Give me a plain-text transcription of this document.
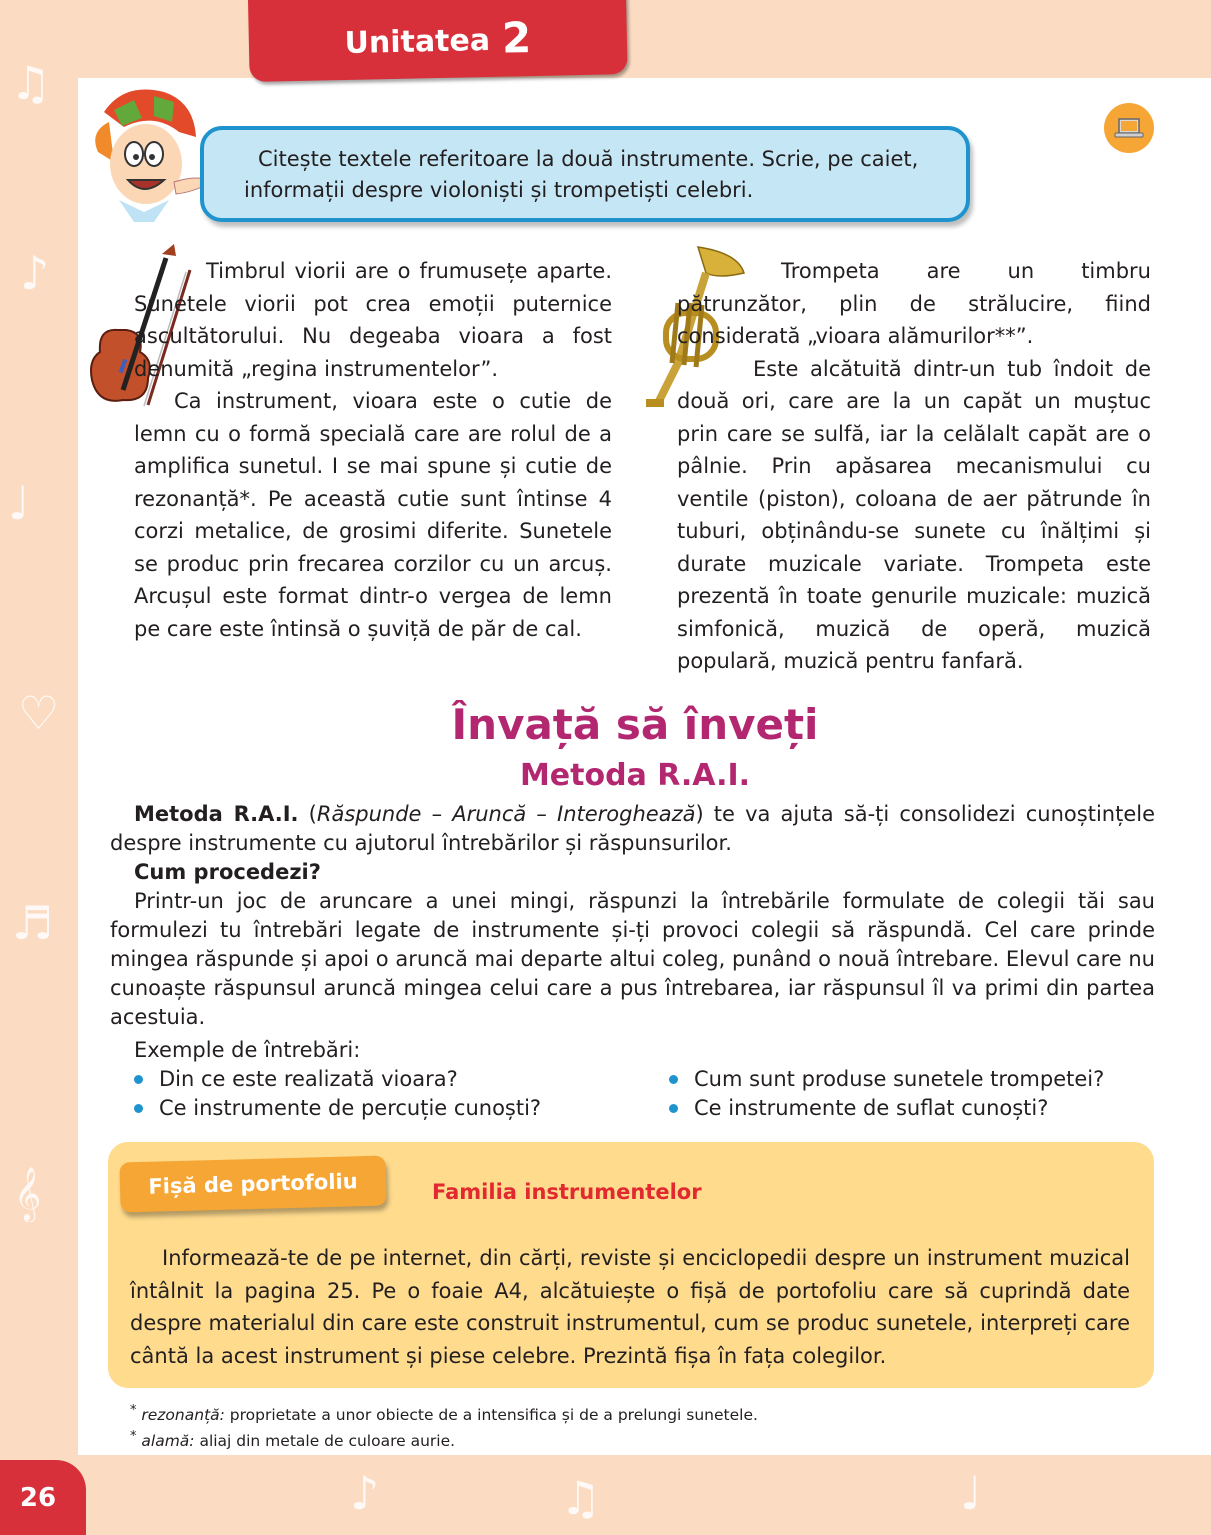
♫
♪
♩
♡
♬
𝄞
♪	♫	♩
Unitatea 2
Citește textele referitoare la două instrumente. Scrie, pe caiet,
informații despre violoniști și trompetiști celebri.

Timbrul viorii are o frumusețe aparte. Sunetele viorii pot crea emoții puternice ascultătorului. Nu degeaba vioara a fost denumită „regina instrumentelor”.

Ca instrument, vioara este o cutie de lemn cu o formă specială care are rolul de a amplifica sunetul. I se mai spune și cutie de rezonanță*. Pe această cutie sunt întinse 4 corzi metalice, de grosimi diferite. Sunetele se produc prin frecarea corzilor cu un arcuș. Arcușul este format dintr-o vergea de lemn pe care este întinsă o șuviță de păr de cal.

Trompeta are un timbru pătrunzător, plin de strălucire, fiind considerată „vioara alămurilor**”.

Este alcătuită dintr-un tub îndoit de două ori, care are la un capăt un muștuc prin care se sulfă, iar la celălalt capăt are o pâlnie. Prin apăsarea mecanismului cu ventile (piston), coloana de aer pătrunde în tuburi, obținându-se sunete cu înălțimi și durate muzicale variate. Trompeta este prezentă în toate genurile muzicale: muzică simfonică, muzică de operă, muzică populară, muzică pentru fanfară.

Învață să înveți
Metoda R.A.I.

Metoda R.A.I. (Răspunde – Aruncă – Interoghează) te va ajuta să-ți consolidezi cunoștințele despre instrumente cu ajutorul întrebărilor și răspunsurilor.

Cum procedezi?

Printr-un joc de aruncare a unei mingi, răspunzi la întrebările formulate de colegii tăi sau formulezi tu întrebări legate de instrumente și-ți provoci colegii să răspundă. Cel care prinde mingea răspunde și apoi o aruncă mai departe altui coleg, punând o nouă întrebare. Elevul care nu cunoaște răspunsul aruncă mingea celui care a pus întrebarea, iar răspunsul îl va primi din partea acestuia.

Exemple de întrebări:
Din ce este realizată vioara?	Cum sunt produse sunetele trompetei?
Ce instrumente de percuție cunoști?	Ce instrumente de suflat cunoști?
Fișă de portofoliu	Familia instrumentelor
Informează-te de pe internet, din cărți, reviste și enciclopedii despre un instrument muzical întâlnit la pagina 25. Pe o foaie A4, alcătuiește o fișă de portofoliu care să cuprindă date despre materialul din care este construit instrumentul, cum se produc sunetele, interpreți care cântă la acest instrument și piese celebre. Prezintă fișa în fața colegilor.
* rezonanță: proprietate a unor obiecte de a intensifica și de a prelungi sunetele.
* alamă: aliaj din metale de culoare aurie.
26
